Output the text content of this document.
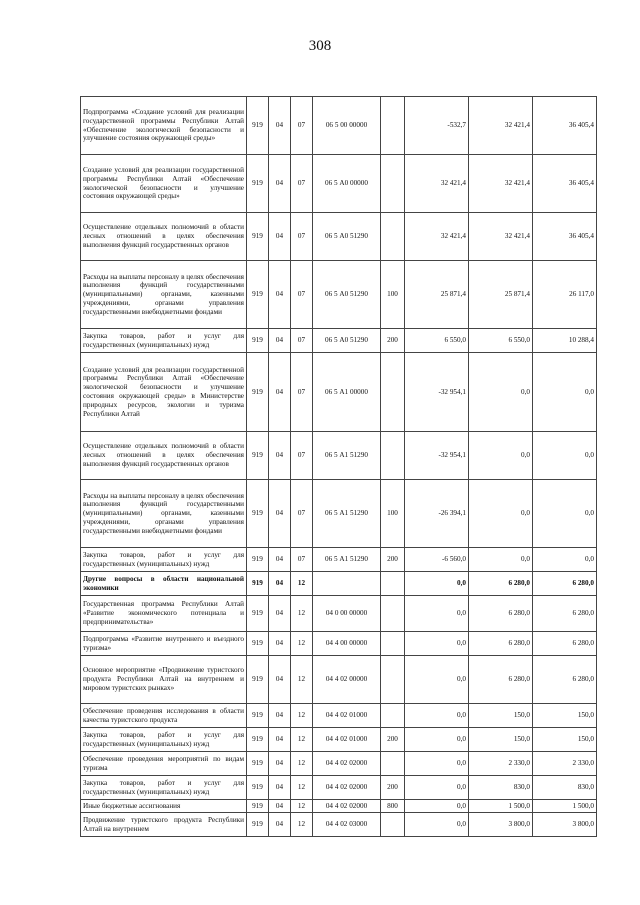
308
Подпрограмма «Создание условий для реализации государственной программы Республики Алтай «Обеспечение экологической безопасности и улучшение состояния окружающей среды»	919	04	07	06 5 00 00000		-532,7	32 421,4	36 405,4
Создание условий для реализации государственной программы Республики Алтай «Обеспечение экологической безопасности и улучшение состояния окружающей среды»	919	04	07	06 5 А0 00000		32 421,4	32 421,4	36 405,4
Осуществление отдельных полномочий в области лесных отношений в целях обеспечения выполнения функций государственных органов	919	04	07	06 5 А0 51290		32 421,4	32 421,4	36 405,4
Расходы на выплаты персоналу в целях обеспечения выполнения функций государственными (муниципальными) органами, казенными учреждениями, органами управления государственными внебюджетными фондами	919	04	07	06 5 А0 51290	100	25 871,4	25 871,4	26 117,0
Закупка товаров, работ и услуг для государственных (муниципальных) нужд	919	04	07	06 5 А0 51290	200	6 550,0	6 550,0	10 288,4
Создание условий для реализации государственной программы Республики Алтай «Обеспечение экологической безопасности и улучшение состояния окружающей среды» в Министерстве природных ресурсов, экологии и туризма Республики Алтай	919	04	07	06 5 А1 00000		-32 954,1	0,0	0,0
Осуществление отдельных полномочий в области лесных отношений в целях обеспечения выполнения функций государственных органов	919	04	07	06 5 А1 51290		-32 954,1	0,0	0,0
Расходы на выплаты персоналу в целях обеспечения выполнения функций государственными (муниципальными) органами, казенными учреждениями, органами управления государственными внебюджетными фондами	919	04	07	06 5 А1 51290	100	-26 394,1	0,0	0,0
Закупка товаров, работ и услуг для государственных (муниципальных) нужд	919	04	07	06 5 А1 51290	200	-6 560,0	0,0	0,0
Другие вопросы в области национальной экономики	919	04	12			0,0	6 280,0	6 280,0
Государственная программа Республики Алтай «Развитие экономического потенциала и предпринимательства»	919	04	12	04 0 00 00000		0,0	6 280,0	6 280,0
Подпрограмма «Развитие внутреннего и въездного туризма»	919	04	12	04 4 00 00000		0,0	6 280,0	6 280,0
Основное мероприятие «Продвижение туристского продукта Республики Алтай на внутреннем и мировом туристских рынках»	919	04	12	04 4 02 00000		0,0	6 280,0	6 280,0
Обеспечение проведения исследования в области качества туристского продукта	919	04	12	04 4 02 01000		0,0	150,0	150,0
Закупка товаров, работ и услуг для государственных (муниципальных) нужд	919	04	12	04 4 02 01000	200	0,0	150,0	150,0
Обеспечение проведения мероприятий по видам туризма	919	04	12	04 4 02 02000		0,0	2 330,0	2 330,0
Закупка товаров, работ и услуг для государственных (муниципальных) нужд	919	04	12	04 4 02 02000	200	0,0	830,0	830,0
Иные бюджетные ассигнования	919	04	12	04 4 02 02000	800	0,0	1 500,0	1 500,0
Продвижение туристского продукта Республики Алтай на внутреннем	919	04	12	04 4 02 03000		0,0	3 800,0	3 800,0
